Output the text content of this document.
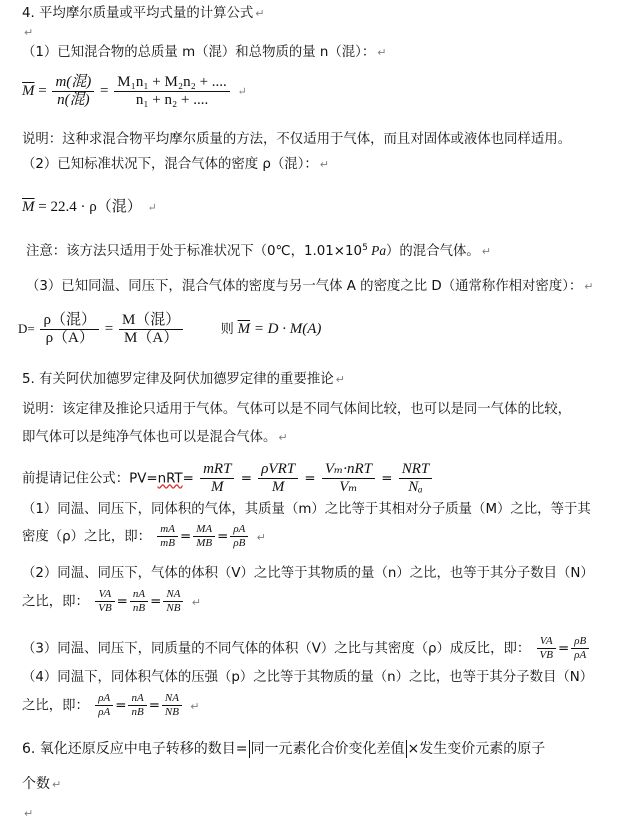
4. 平均摩尔质量或平均式量的计算公式 ↵
↵
（1）已知混合物的总质量 m（混）和总物质的量 n（混）： ↵
$\overline{M} = \frac{\text{m(混)}}{\text{n(混)}} = \frac{\text{M₁n₁ + M₂n₂ + ....}}{\text{n₁ + n₂ + ....}}$ ↵
说明：这种求混合物平均摩尔质量的方法，不仅适用于气体，而且对固体或液体也同样适用。
（2）已知标准状况下，混合气体的密度 ρ（混）： ↵
$\overline{M} = 22.4 \cdot \rho$（混） ↵
注意：该方法只适用于处于标准状况下（0℃，$1.01\times 10^5$ Pa）的混合气体。 ↵
（3）已知同温、同压下，混合气体的密度与另一气体 A 的密度之比 D（通常称作相对密度）： ↵
$D= \frac{\text{ρ（混）}}{\rho(A)} = \frac{\text{M（混）}}{M(A)}$	则 $\overline{M} = D \cdot M(A)$
5. 有关阿伏加德罗定律及阿伏加德罗定律的重要推论 ↵
说明：该定律及推论只适用于气体。气体可以是不同气体间比较，也可以是同一气体的比较，
即气体可以是纯净气体也可以是混合气体。 ↵
前提请记住公式：$PV=nRT= \frac{\text{mRT}}{M} = \frac{\text{ρVRT}}{M} = \frac{\text{Vₘ·nRT}}{\text{Vₘ}} = \frac{\text{NRT}}{\text{Nₐ}}$
（1）同温、同压下，同体积的气体，其质量（m）之比等于其相对分子质量（M）之比，等于其
密度（ρ）之比，即： $\frac{mA}{mB} = \frac{MA}{MB} = \frac{\rho A}{\rho B}$ ↵
（2）同温、同压下，气体的体积（V）之比等于其物质的量（n）之比，也等于其分子数目（N）
之比，即： $\frac{VA}{VB} = \frac{nA}{nB} = \frac{NA}{NB}$ ↵
（3）同温、同压下，同质量的不同气体的体积（V）之比与其密度（ρ）成反比，即： $\frac{VA}{VB} = \frac{\rho B}{\rho A}$
（4）同温下，同体积气体的压强（p）之比等于其物质的量（n）之比，也等于其分子数目（N）
之比，即： $\frac{\rho A}{\rho A} = \frac{nA}{nB} = \frac{NA}{NB}$ ↵
6. 氧化还原反应中电子转移的数目= 同一元素化合价变化差值 ×发生变价元素的原子
个数 ↵
↵
